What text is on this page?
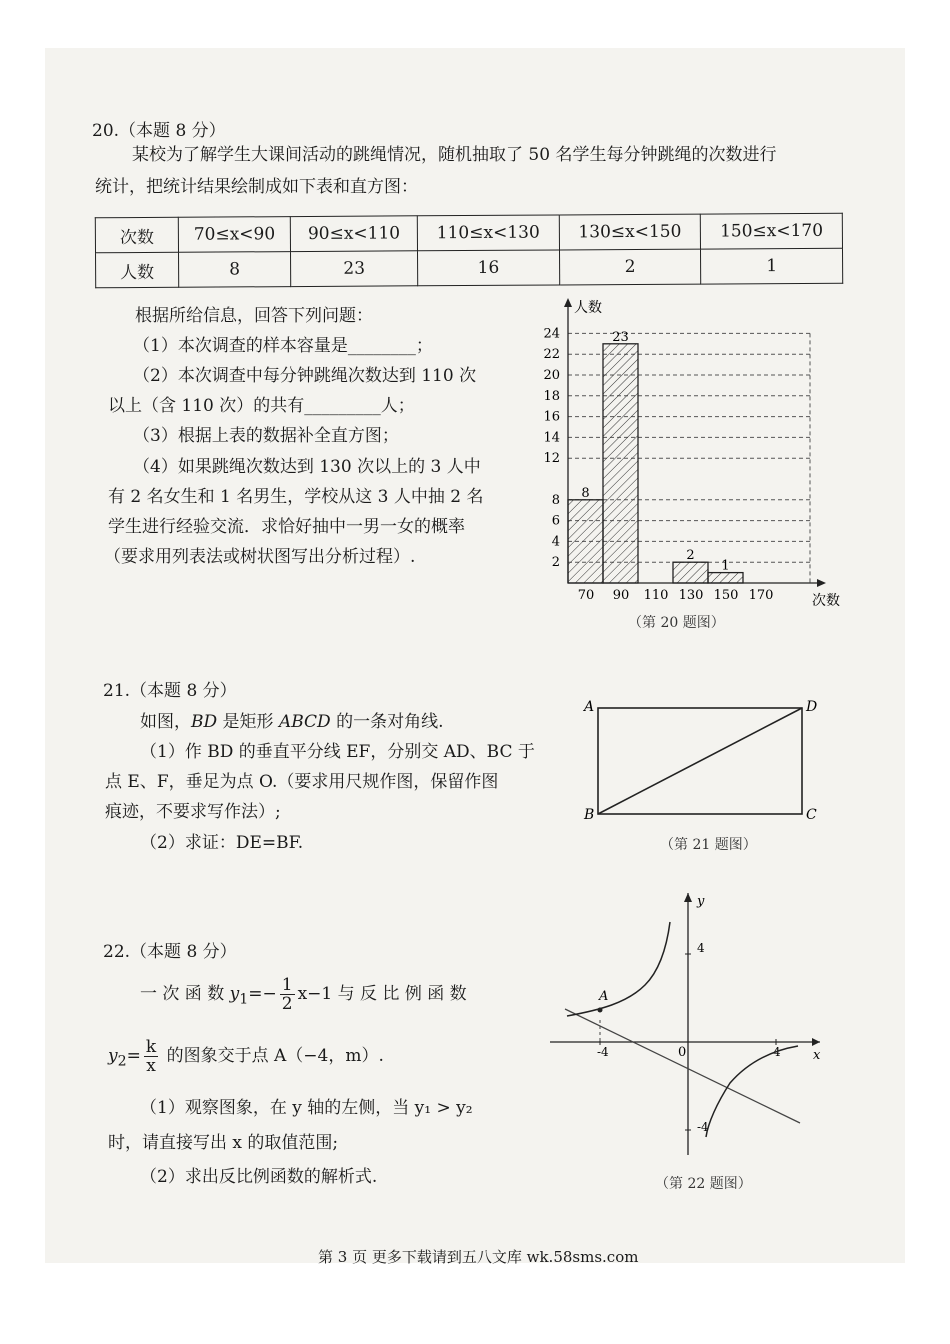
20.（本题 8 分）
某校为了解学生大课间活动的跳绳情况，随机抽取了 50 名学生每分钟跳绳的次数进行
统计，把统计结果绘制成如下表和直方图：
次数	70≤x<90	90≤x<110	110≤x<130	130≤x<150	150≤x<170
人数	8	23	16	2	1
根据所给信息，回答下列问题：
（1）本次调查的样本容量是________；
（2）本次调查中每分钟跳绳次数达到 110 次
以上（含 110 次）的共有_________人；
（3）根据上表的数据补全直方图；
（4）如果跳绳次数达到 130 次以上的 3 人中
有 2 名女生和 1 名男生，学校从这 3 人中抽 2 名
学生进行经验交流．求恰好抽中一男一女的概率
（要求用列表法或树状图写出分析过程）.
8
23
2
1
2
4
6
8
12
14
16
18
20
22
24
人数
次数
70 90 110 130 150 170
（第 20 题图）
21.（本题 8 分）
如图，BD 是矩形 ABCD 的一条对角线.
（1）作 BD 的垂直平分线 EF，分别交 AD、BC 于
点 E、F，垂足为点 O.（要求用尺规作图，保留作图
痕迹，不要求写作法）;
（2）求证：DE=BF.
A	D
B	C
（第 21 题图）
22.（本题 8 分）
一 次 函 数 $y_1=- \frac{1}{2} x-1$ 与 反 比 例 函 数
$y_2= \frac{k}{x}$ 的图象交于点 A（−4，m）.
（1）观察图象，在 y 轴的左侧，当 y₁ > y₂
时，请直接写出 x 的取值范围;
（2）求出反比例函数的解析式.
y
x
0
-4	4
4
-4
A
（第 22 题图）
第 3 页 更多下载请到五八文库 wk.58sms.com
